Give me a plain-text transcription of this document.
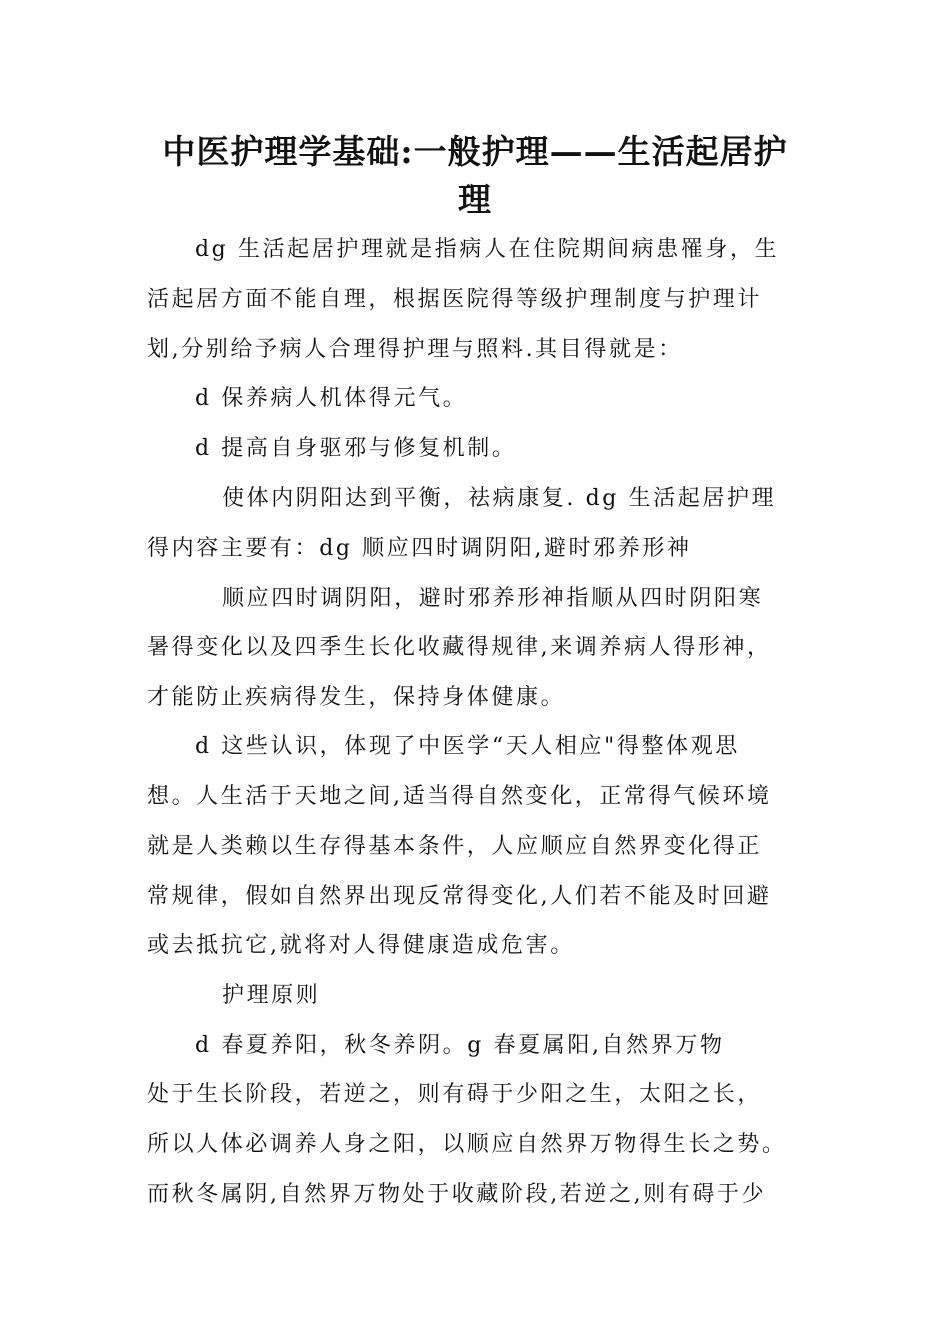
中医护理学基础:一般护理——生活起居护
理
dg 生活起居护理就是指病人在住院期间病患罹身，生
活起居方面不能自理，根据医院得等级护理制度与护理计
划,分别给予病人合理得护理与照料.其目得就是：
d 保养病人机体得元气。
d 提高自身驱邪与修复机制。
使体内阴阳达到平衡，祛病康复. dg 生活起居护理
得内容主要有：dg 顺应四时调阴阳,避时邪养形神
顺应四时调阴阳，避时邪养形神指顺从四时阴阳寒
暑得变化以及四季生长化收藏得规律,来调养病人得形神，
才能防止疾病得发生，保持身体健康。
d 这些认识，体现了中医学“天人相应"得整体观思
想。人生活于天地之间,适当得自然变化，正常得气候环境
就是人类赖以生存得基本条件，人应顺应自然界变化得正
常规律，假如自然界出现反常得变化,人们若不能及时回避
或去抵抗它,就将对人得健康造成危害。
护理原则
d 春夏养阳，秋冬养阴。g 春夏属阳,自然界万物
处于生长阶段，若逆之，则有碍于少阳之生，太阳之长，
所以人体必调养人身之阳，以顺应自然界万物得生长之势。
而秋冬属阴,自然界万物处于收藏阶段,若逆之,则有碍于少
